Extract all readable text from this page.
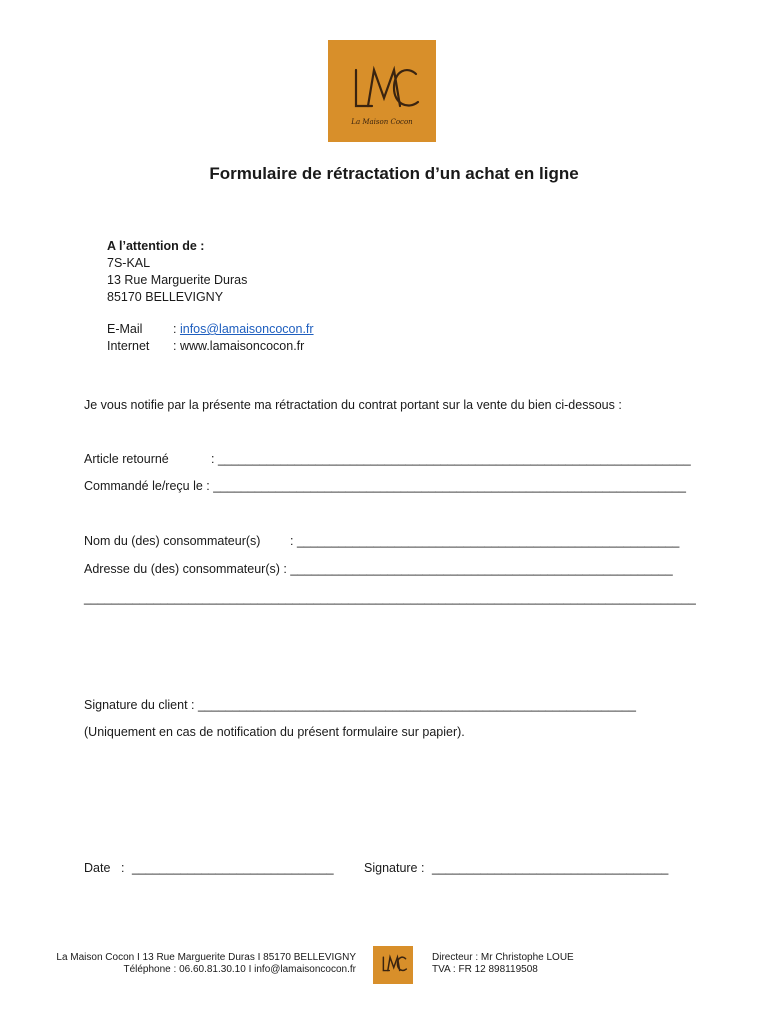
La Maison Cocon
Formulaire de rétractation d’un achat en ligne
A l’attention de :
7S-KAL
13 Rue Marguerite Duras
85170 BELLEVIGNY
E-Mail : infos@lamaisoncocon.fr
Internet : www.lamaisoncocon.fr
Je vous notifie par la présente ma rétractation du contrat portant sur la vente du bien ci-dessous :
Article retourné	: ____________________________________________________________________
Commandé le/reçu le : ____________________________________________________________________
Nom du (des) consommateur(s) : _______________________________________________________
Adresse du (des) consommateur(s) : _______________________________________________________
________________________________________________________________________________________
Signature du client : _______________________________________________________________
(Uniquement en cas de notification du présent formulaire sur papier).
Date : _____________________________ Signature : __________________________________
La Maison Cocon I 13 Rue Marguerite Duras I 85170 BELLEVIGNY
Téléphone : 06.60.81.30.10 I info@lamaisoncocon.fr
Directeur : Mr Christophe LOUE
TVA : FR 12 898119508
